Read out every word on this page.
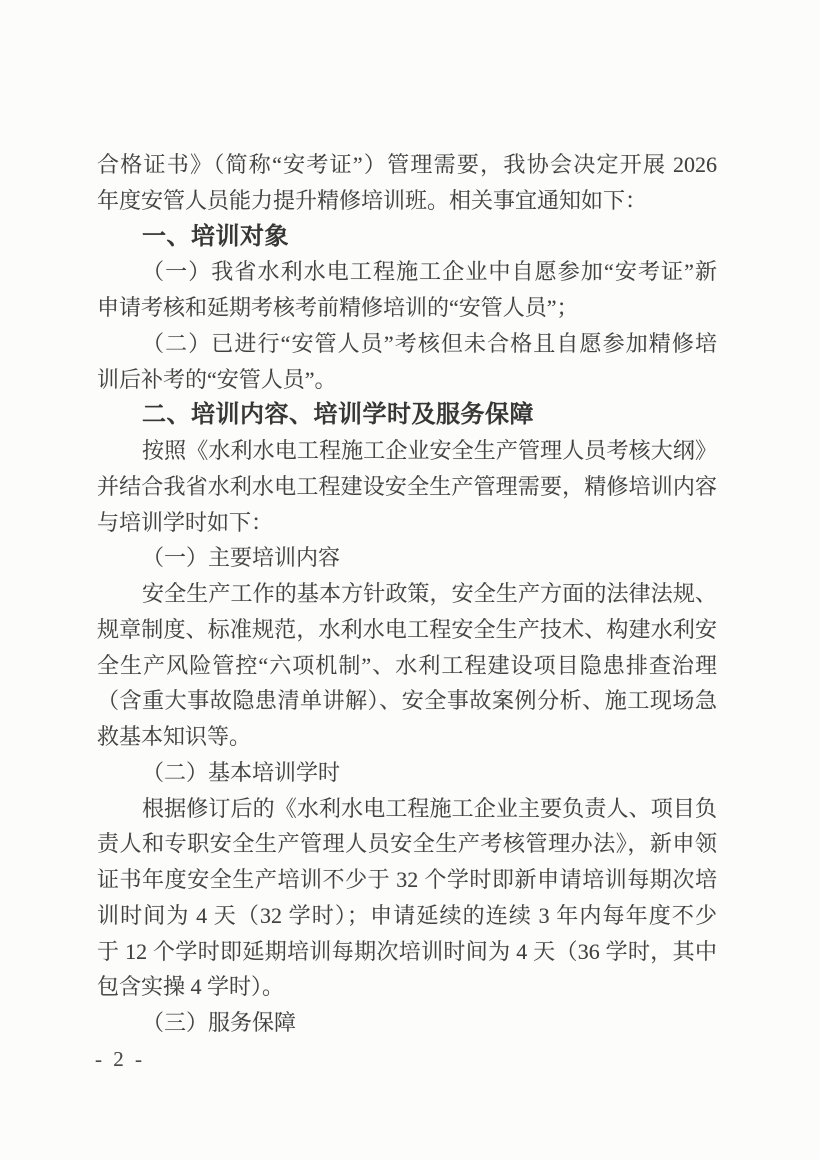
合格证书》（简称“安考证”）管理需要，我协会决定开展 2026
年度安管人员能力提升精修培训班。相关事宜通知如下：
一、培训对象
（一）我省水利水电工程施工企业中自愿参加“安考证”新
申请考核和延期考核考前精修培训的“安管人员”；
（二）已进行“安管人员”考核但未合格且自愿参加精修培
训后补考的“安管人员”。
二、培训内容、培训学时及服务保障
按照《水利水电工程施工企业安全生产管理人员考核大纲》
并结合我省水利水电工程建设安全生产管理需要，精修培训内容
与培训学时如下：
（一）主要培训内容
安全生产工作的基本方针政策，安全生产方面的法律法规、
规章制度、标准规范，水利水电工程安全生产技术、构建水利安
全生产风险管控“六项机制”、水利工程建设项目隐患排查治理
（含重大事故隐患清单讲解）、安全事故案例分析、施工现场急
救基本知识等。
（二）基本培训学时
根据修订后的《水利水电工程施工企业主要负责人、项目负
责人和专职安全生产管理人员安全生产考核管理办法》，新申领
证书年度安全生产培训不少于 32 个学时即新申请培训每期次培
训时间为 4 天（32 学时）；申请延续的连续 3 年内每年度不少
于 12 个学时即延期培训每期次培训时间为 4 天（36 学时，其中
包含实操 4 学时）。
（三）服务保障
- 2 -
